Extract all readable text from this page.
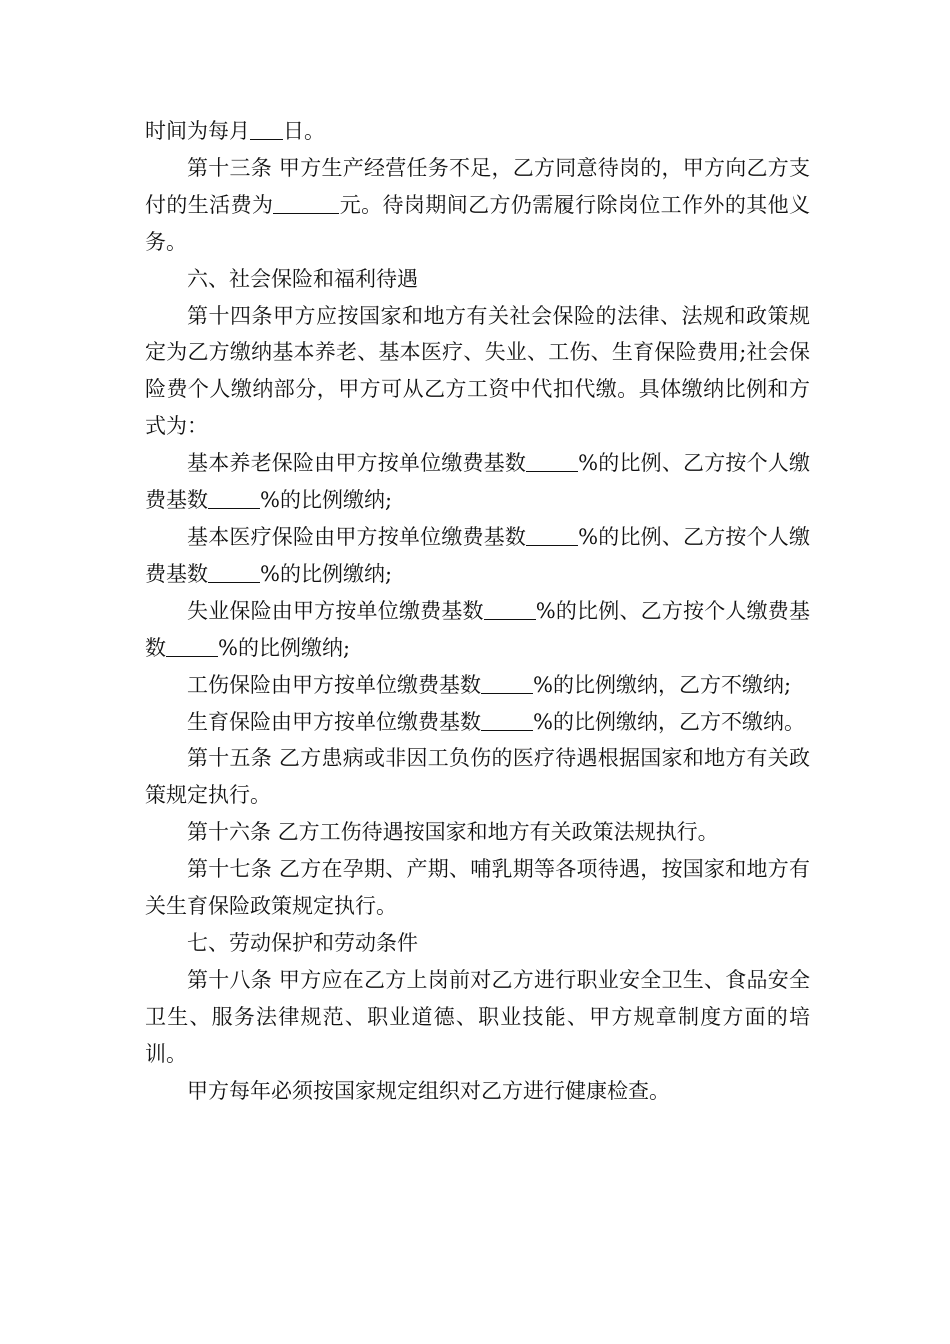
时间为每月 日。

第十三条 甲方生产经营任务不足，乙方同意待岗的，甲方向乙方支付的生活费为	元。待岗期间乙方仍需履行除岗位工作外的其他义务。

六、社会保险和福利待遇

第十四条甲方应按国家和地方有关社会保险的法律、法规和政策规定为乙方缴纳基本养老、基本医疗、失业、工伤、生育保险费用;社会保险费个人缴纳部分，甲方可从乙方工资中代扣代缴。具体缴纳比例和方式为：

基本养老保险由甲方按单位缴费基数 %的比例、乙方按个人缴费基数 %的比例缴纳;

基本医疗保险由甲方按单位缴费基数 %的比例、乙方按个人缴费基数 %的比例缴纳;

失业保险由甲方按单位缴费基数 %的比例、乙方按个人缴费基数 %的比例缴纳;

工伤保险由甲方按单位缴费基数 %的比例缴纳，乙方不缴纳;

生育保险由甲方按单位缴费基数 %的比例缴纳，乙方不缴纳。

第十五条 乙方患病或非因工负伤的医疗待遇根据国家和地方有关政策规定执行。

第十六条 乙方工伤待遇按国家和地方有关政策法规执行。

第十七条 乙方在孕期、产期、哺乳期等各项待遇，按国家和地方有关生育保险政策规定执行。

七、劳动保护和劳动条件

第十八条 甲方应在乙方上岗前对乙方进行职业安全卫生、食品安全卫生、服务法律规范、职业道德、职业技能、甲方规章制度方面的培训。

甲方每年必须按国家规定组织对乙方进行健康检查。
